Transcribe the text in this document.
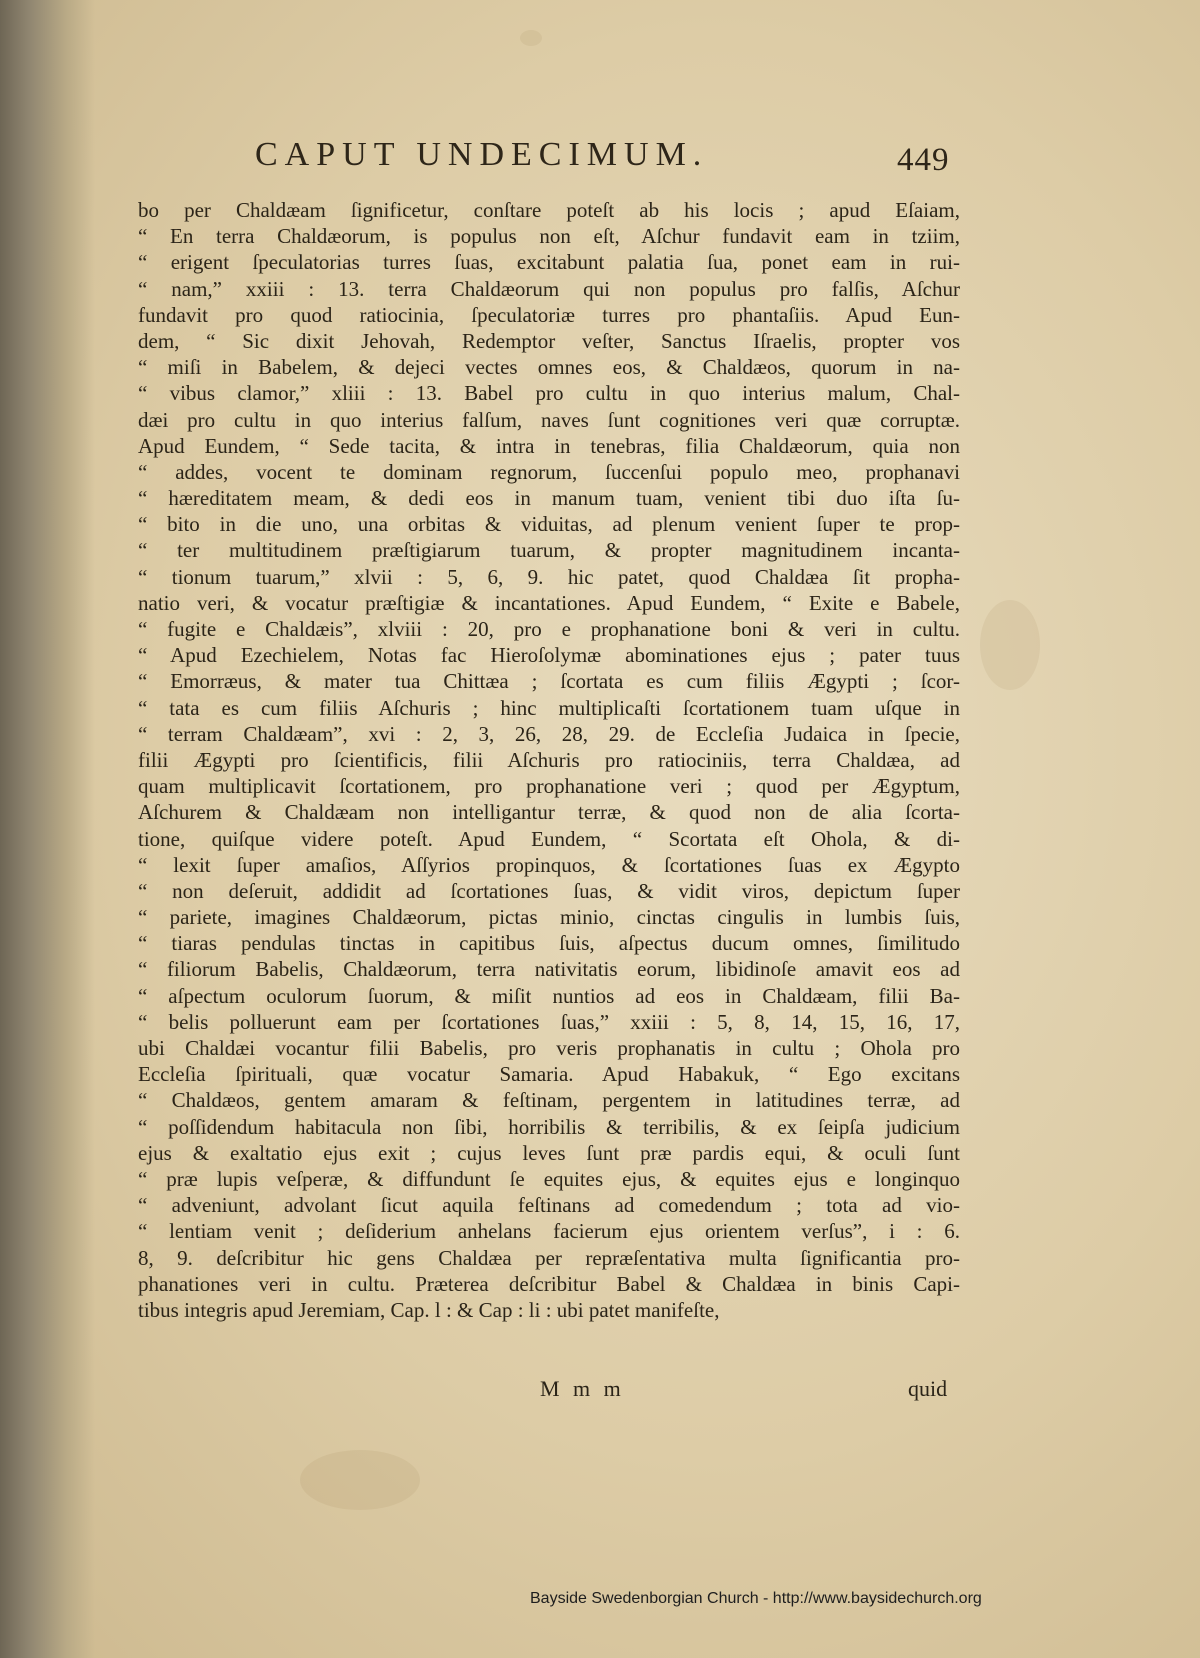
CAPUT UNDECIMUM.	449
bo per Chaldæam ſignificetur, conſtare poteſt ab his locis ; apud Eſaiam,
“ En terra Chaldæorum, is populus non eſt, Aſchur fundavit eam in tziim,
“ erigent ſpeculatorias turres ſuas, excitabunt palatia ſua, ponet eam in rui-
“ nam,” xxiii : 13. terra Chaldæorum qui non populus pro falſis, Aſchur
fundavit pro quod ratiocinia, ſpeculatoriæ turres pro phantaſiis. Apud Eun-
dem, “ Sic dixit Jehovah, Redemptor veſter, Sanctus Iſraelis, propter vos
“ miſi in Babelem, & dejeci vectes omnes eos, & Chaldæos, quorum in na-
“ vibus clamor,” xliii : 13. Babel pro cultu in quo interius malum, Chal-
dæi pro cultu in quo interius falſum, naves ſunt cognitiones veri quæ corruptæ.
Apud Eundem, “ Sede tacita, & intra in tenebras, filia Chaldæorum, quia non
“ addes, vocent te dominam regnorum, ſuccenſui populo meo, prophanavi
“ hæreditatem meam, & dedi eos in manum tuam, venient tibi duo iſta ſu-
“ bito in die uno, una orbitas & viduitas, ad plenum venient ſuper te prop-
“ ter multitudinem præſtigiarum tuarum, & propter magnitudinem incanta-
“ tionum tuarum,” xlvii : 5, 6, 9. hic patet, quod Chaldæa ſit propha-
natio veri, & vocatur præſtigiæ & incantationes. Apud Eundem, “ Exite e Babele,
“ fugite e Chaldæis”, xlviii : 20, pro e prophanatione boni & veri in cultu.
“ Apud Ezechielem, Notas fac Hieroſolymæ abominationes ejus ; pater tuus
“ Emorræus, & mater tua Chittæa ; ſcortata es cum filiis Ægypti ; ſcor-
“ tata es cum filiis Aſchuris ; hinc multiplicaſti ſcortationem tuam uſque in
“ terram Chaldæam”, xvi : 2, 3, 26, 28, 29. de Eccleſia Judaica in ſpecie,
filii Ægypti pro ſcientificis, filii Aſchuris pro ratiociniis, terra Chaldæa, ad
quam multiplicavit ſcortationem, pro prophanatione veri ; quod per Ægyptum,
Aſchurem & Chaldæam non intelligantur terræ, & quod non de alia ſcorta-
tione, quiſque videre poteſt. Apud Eundem, “ Scortata eſt Ohola, & di-
“ lexit ſuper amaſios, Aſſyrios propinquos, & ſcortationes ſuas ex Ægypto
“ non deſeruit, addidit ad ſcortationes ſuas, & vidit viros, depictum ſuper
“ pariete, imagines Chaldæorum, pictas minio, cinctas cingulis in lumbis ſuis,
“ tiaras pendulas tinctas in capitibus ſuis, aſpectus ducum omnes, ſimilitudo
“ filiorum Babelis, Chaldæorum, terra nativitatis eorum, libidinoſe amavit eos ad
“ aſpectum oculorum ſuorum, & miſit nuntios ad eos in Chaldæam, filii Ba-
“ belis polluerunt eam per ſcortationes ſuas,” xxiii : 5, 8, 14, 15, 16, 17,
ubi Chaldæi vocantur filii Babelis, pro veris prophanatis in cultu ; Ohola pro
Eccleſia ſpirituali, quæ vocatur Samaria. Apud Habakuk, “ Ego excitans
“ Chaldæos, gentem amaram & feſtinam, pergentem in latitudines terræ, ad
“ poſſidendum habitacula non ſibi, horribilis & terribilis, & ex ſeipſa judicium
ejus & exaltatio ejus exit ; cujus leves ſunt præ pardis equi, & oculi ſunt
“ præ lupis veſperæ, & diffundunt ſe equites ejus, & equites ejus e longinquo
“ adveniunt, advolant ſicut aquila feſtinans ad comedendum ; tota ad vio-
“ lentiam venit ; deſiderium anhelans facierum ejus orientem verſus”, i : 6.
8, 9. deſcribitur hic gens Chaldæa per repræſentativa multa ſignificantia pro-
phanationes veri in cultu. Præterea deſcribitur Babel & Chaldæa in binis Capi-
tibus integris apud Jeremiam, Cap. l : & Cap : li : ubi patet manifeſte,
M m m	quid
Bayside Swedenborgian Church - http://www.baysidechurch.org
